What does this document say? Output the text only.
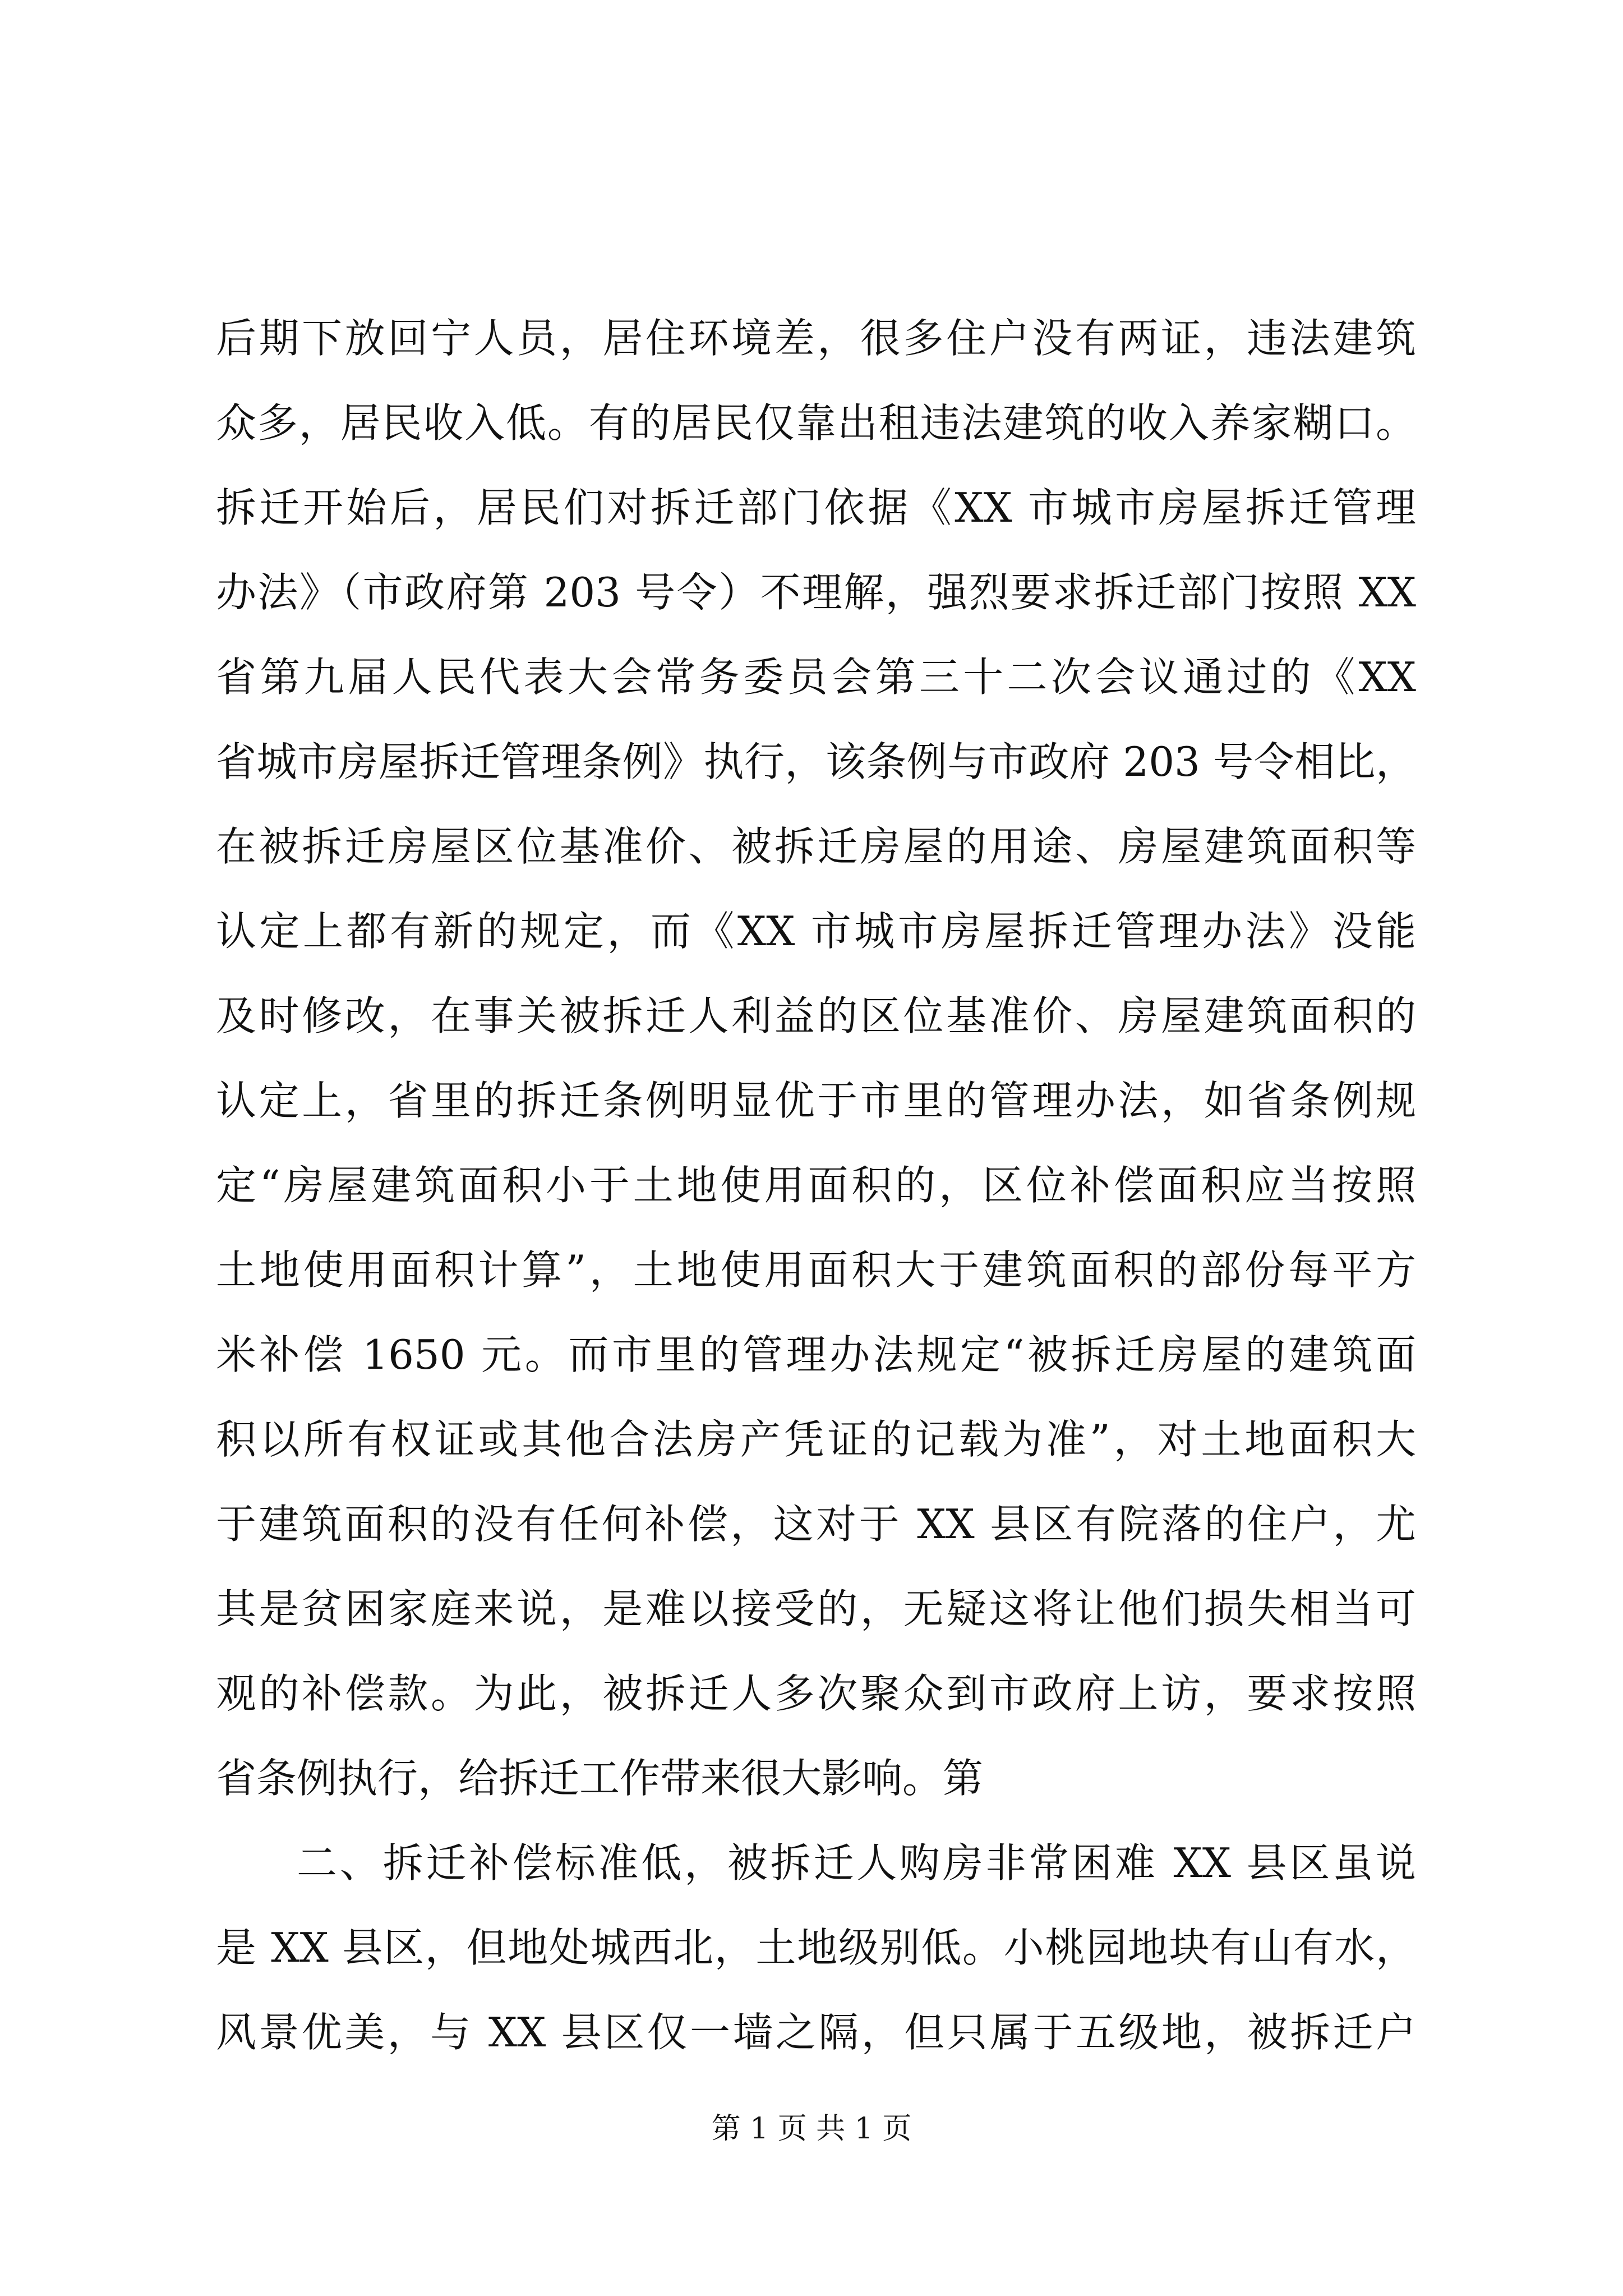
后期下放回宁人员，居住环境差，很多住户没有两证，违法建筑
众多，居民收入低。有的居民仅靠出租违法建筑的收入养家糊口。
拆迁开始后，居民们对拆迁部门依据《XX 市城市房屋拆迁管理
办法》（市政府第 203 号令）不理解，强烈要求拆迁部门按照 XX
省第九届人民代表大会常务委员会第三十二次会议通过的《XX
省城市房屋拆迁管理条例》执行，该条例与市政府 203 号令相比，
在被拆迁房屋区位基准价、被拆迁房屋的用途、房屋建筑面积等
认定上都有新的规定，而《XX 市城市房屋拆迁管理办法》没能
及时修改，在事关被拆迁人利益的区位基准价、房屋建筑面积的
认定上，省里的拆迁条例明显优于市里的管理办法，如省条例规
定“房屋建筑面积小于土地使用面积的，区位补偿面积应当按照
土地使用面积计算”，土地使用面积大于建筑面积的部份每平方
米补偿 1650 元。而市里的管理办法规定“被拆迁房屋的建筑面
积以所有权证或其他合法房产凭证的记载为准”，对土地面积大
于建筑面积的没有任何补偿，这对于 XX 县区有院落的住户，尤
其是贫困家庭来说，是难以接受的，无疑这将让他们损失相当可
观的补偿款。为此，被拆迁人多次聚众到市政府上访，要求按照
省条例执行，给拆迁工作带来很大影响。第
二、拆迁补偿标准低，被拆迁人购房非常困难 XX 县区虽说
是 XX 县区，但地处城西北，土地级别低。小桃园地块有山有水，
风景优美，与 XX 县区仅一墙之隔，但只属于五级地，被拆迁户
第 1 页 共 1 页
